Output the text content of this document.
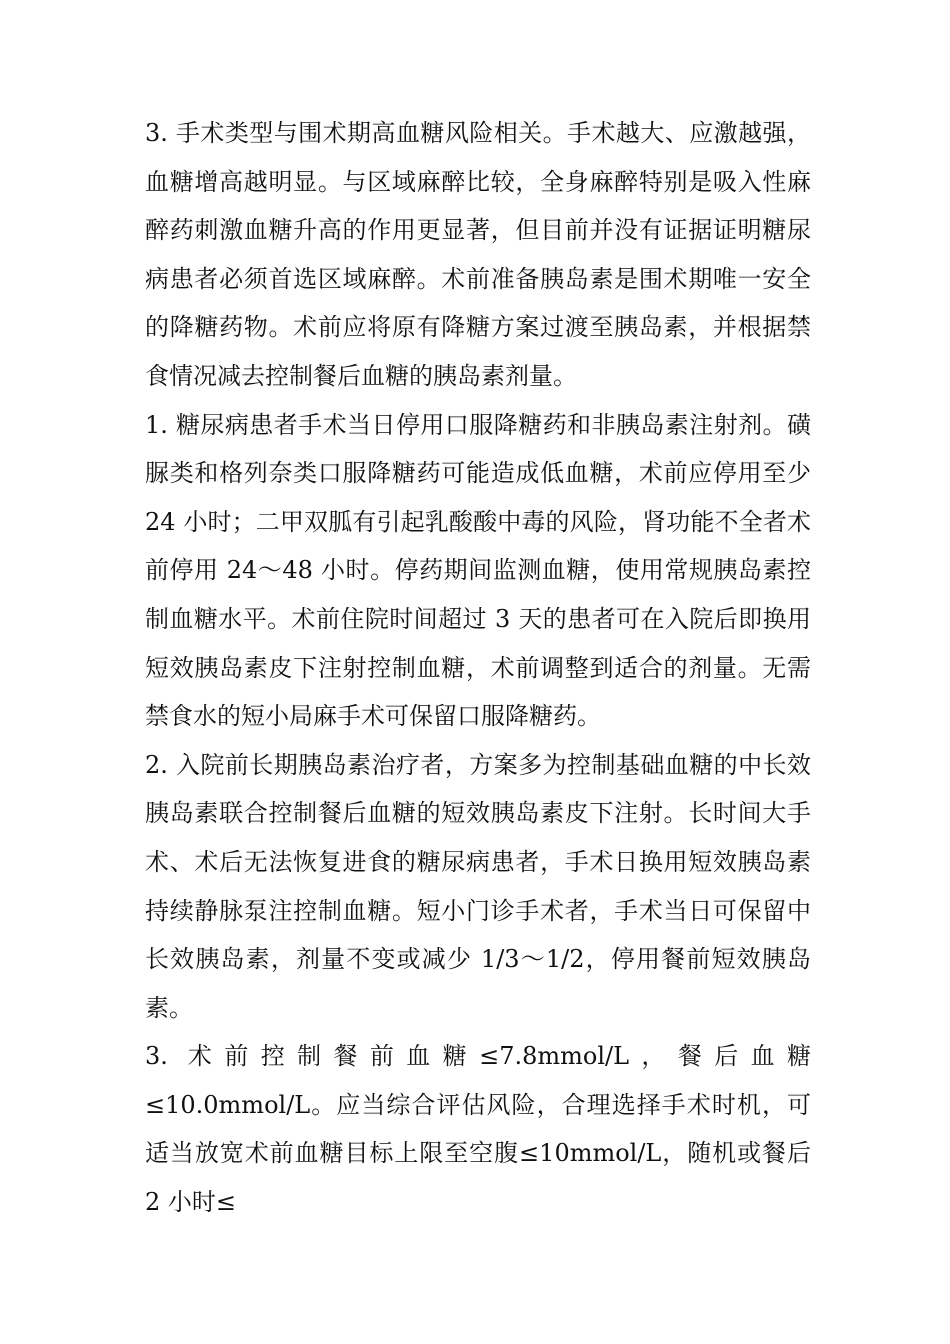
3. 手术类型与围术期高血糖风险相关。手术越大、应激越强，血糖增高越明显。与区域麻醉比较，全身麻醉特别是吸入性麻醉药刺激血糖升高的作用更显著，但目前并没有证据证明糖尿病患者必须首选区域麻醉。术前准备胰岛素是围术期唯一安全的降糖药物。术前应将原有降糖方案过渡至胰岛素，并根据禁食情况减去控制餐后血糖的胰岛素剂量。

1. 糖尿病患者手术当日停用口服降糖药和非胰岛素注射剂。磺脲类和格列奈类口服降糖药可能造成低血糖，术前应停用至少 24 小时；二甲双胍有引起乳酸酸中毒的风险，肾功能不全者术前停用 24～48 小时。停药期间监测血糖，使用常规胰岛素控制血糖水平。术前住院时间超过 3 天的患者可在入院后即换用短效胰岛素皮下注射控制血糖，术前调整到适合的剂量。无需禁食水的短小局麻手术可保留口服降糖药。

2. 入院前长期胰岛素治疗者，方案多为控制基础血糖的中长效胰岛素联合控制餐后血糖的短效胰岛素皮下注射。长时间大手术、术后无法恢复进食的糖尿病患者，手术日换用短效胰岛素持续静脉泵注控制血糖。短小门诊手术者，手术当日可保留中长效胰岛素，剂量不变或减少 1/3～1/2，停用餐前短效胰岛素。

3. 术前控制餐前血糖≤7.8mmol/L，餐后血糖≤10.0mmol/L。应当综合评估风险，合理选择手术时机，可适当放宽术前血糖目标上限至空腹≤10mmol/L，随机或餐后 2 小时≤
